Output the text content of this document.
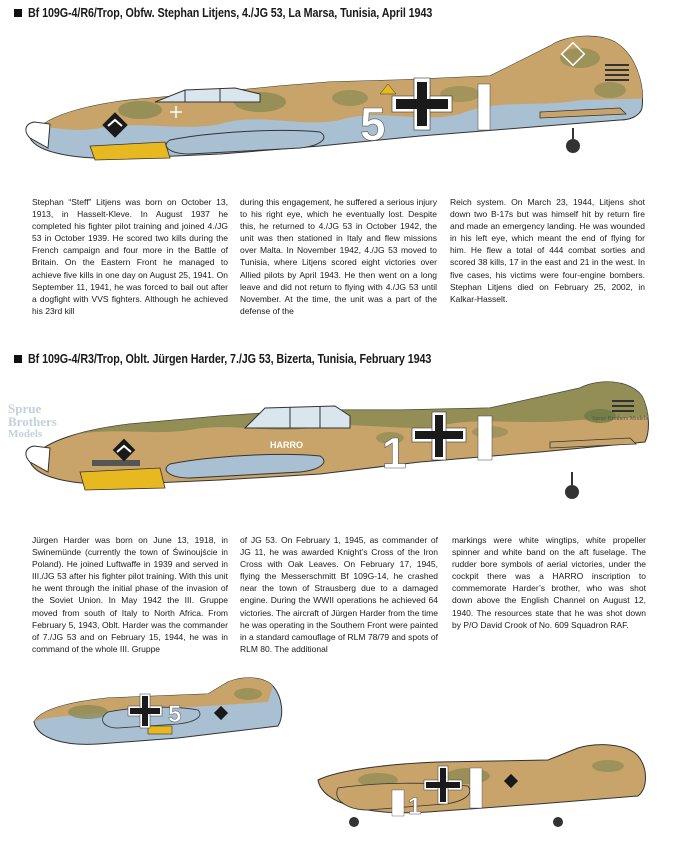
Bf 109G-4/R6/Trop, Obfw. Stephan Litjens, 4./JG 53, La Marsa, Tunisia, April 1943
5
Stephan “Steff” Litjens was born on October 13, 1913, in Hasselt-Kleve. In August 1937 he completed his fighter pilot training and joined 4./JG 53 in October 1939. He scored two kills during the French campaign and four more in the Battle of Britain. On the Eastern Front he managed to achieve five kills in one day on August 25, 1941. On September 11, 1941, he was forced to bail out after a dogfight with VVS fighters. Although he achieved his 23rd kill
during this engagement, he suffered a serious injury to his right eye, which he eventually lost. Despite this, he returned to 4./JG 53 in October 1942, the unit was then stationed in Italy and flew missions over Malta. In November 1942, 4./JG 53 moved to Tunisia, where Litjens scored eight victories over Allied pilots by April 1943. He then went on a long leave and did not return to flying with 4./JG 53 until November. At the time, the unit was a part of the defense of the
Reich system. On March 23, 1944, Litjens shot down two B-17s but was himself hit by return fire and made an emergency landing. He was wounded in his left eye, which meant the end of flying for him. He flew a total of 444 combat sorties and scored 38 kills, 17 in the east and 21 in the west. In five cases, his victims were four-engine bombers. Stephan Litjens died on February 25, 2002, in Kalkar-Hasselt.
Bf 109G-4/R3/Trop, Oblt. Jürgen Harder, 7./JG 53, Bizerta, Tunisia, February 1943
Sprue
Brothers
Models
Sprue Brothers Models
HARRO 1
Jürgen Harder was born on June 13, 1918, in Swinemünde (currently the town of Świnoujście in Poland). He joined Luftwaffe in 1939 and served in III./JG 53 after his fighter pilot training. With this unit he went through the initial phase of the invasion of the Soviet Union. In May 1942 the III. Gruppe moved from south of Italy to North Africa. From February 5, 1943, Oblt. Harder was the commander of 7./JG 53 and on February 15, 1944, he was in command of the whole III. Gruppe
of JG 53. On February 1, 1945, as commander of JG 11, he was awarded Knight’s Cross of the Iron Cross with Oak Leaves. On February 17, 1945, flying the Messerschmitt Bf 109G-14, he crashed near the town of Strausberg due to a damaged engine. During the WWII operations he achieved 64 victories. The aircraft of Jürgen Harder from the time he was operating in the Southern Front were painted in a standard camouflage of RLM 78/79 and spots of RLM 80. The additional
markings were white wingtips, white propeller spinner and white band on the aft fuselage. The rudder bore symbols of aerial victories, under the cockpit there was a HARRO inscription to commemorate Harder’s brother, who was shot down above the English Channel on August 12, 1940. The resources state that he was shot down by P/O David Crook of No. 609 Squadron RAF.
5
1
